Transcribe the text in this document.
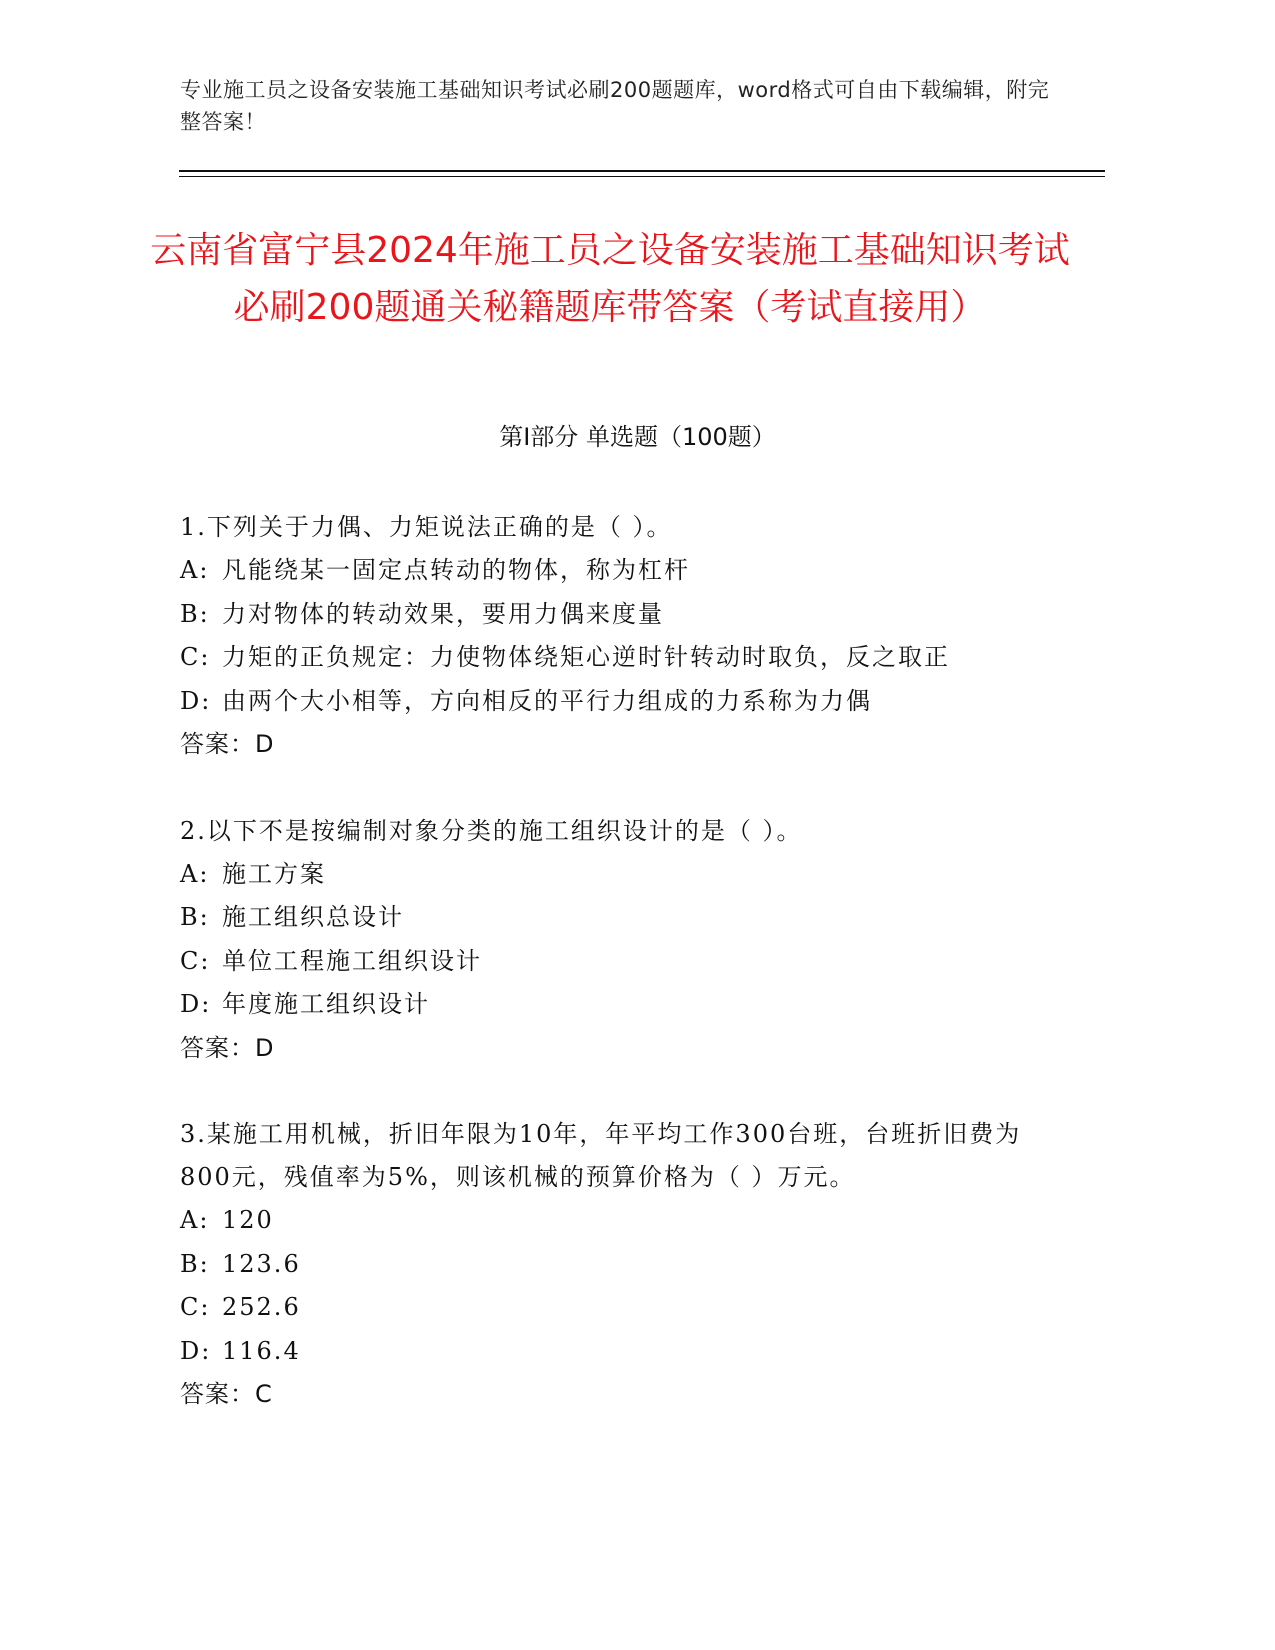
专业施工员之设备安装施工基础知识考试必刷200题题库，word格式可自由下载编辑，附完整答案！
云南省富宁县2024年施工员之设备安装施工基础知识考试必刷200题通关秘籍题库带答案（考试直接用）
第I部分 单选题（100题）
1.下列关于力偶、力矩说法正确的是（ ）。
A: 凡能绕某一固定点转动的物体，称为杠杆
B: 力对物体的转动效果，要用力偶来度量
C: 力矩的正负规定：力使物体绕矩心逆时针转动时取负，反之取正
D: 由两个大小相等，方向相反的平行力组成的力系称为力偶
答案：D
2.以下不是按编制对象分类的施工组织设计的是（ ）。
A: 施工方案
B: 施工组织总设计
C: 单位工程施工组织设计
D: 年度施工组织设计
答案：D
3.某施工用机械，折旧年限为10年，年平均工作300台班，台班折旧费为800元，残值率为5%，则该机械的预算价格为（ ）万元。
A: 120
B: 123.6
C: 252.6
D: 116.4
答案：C
